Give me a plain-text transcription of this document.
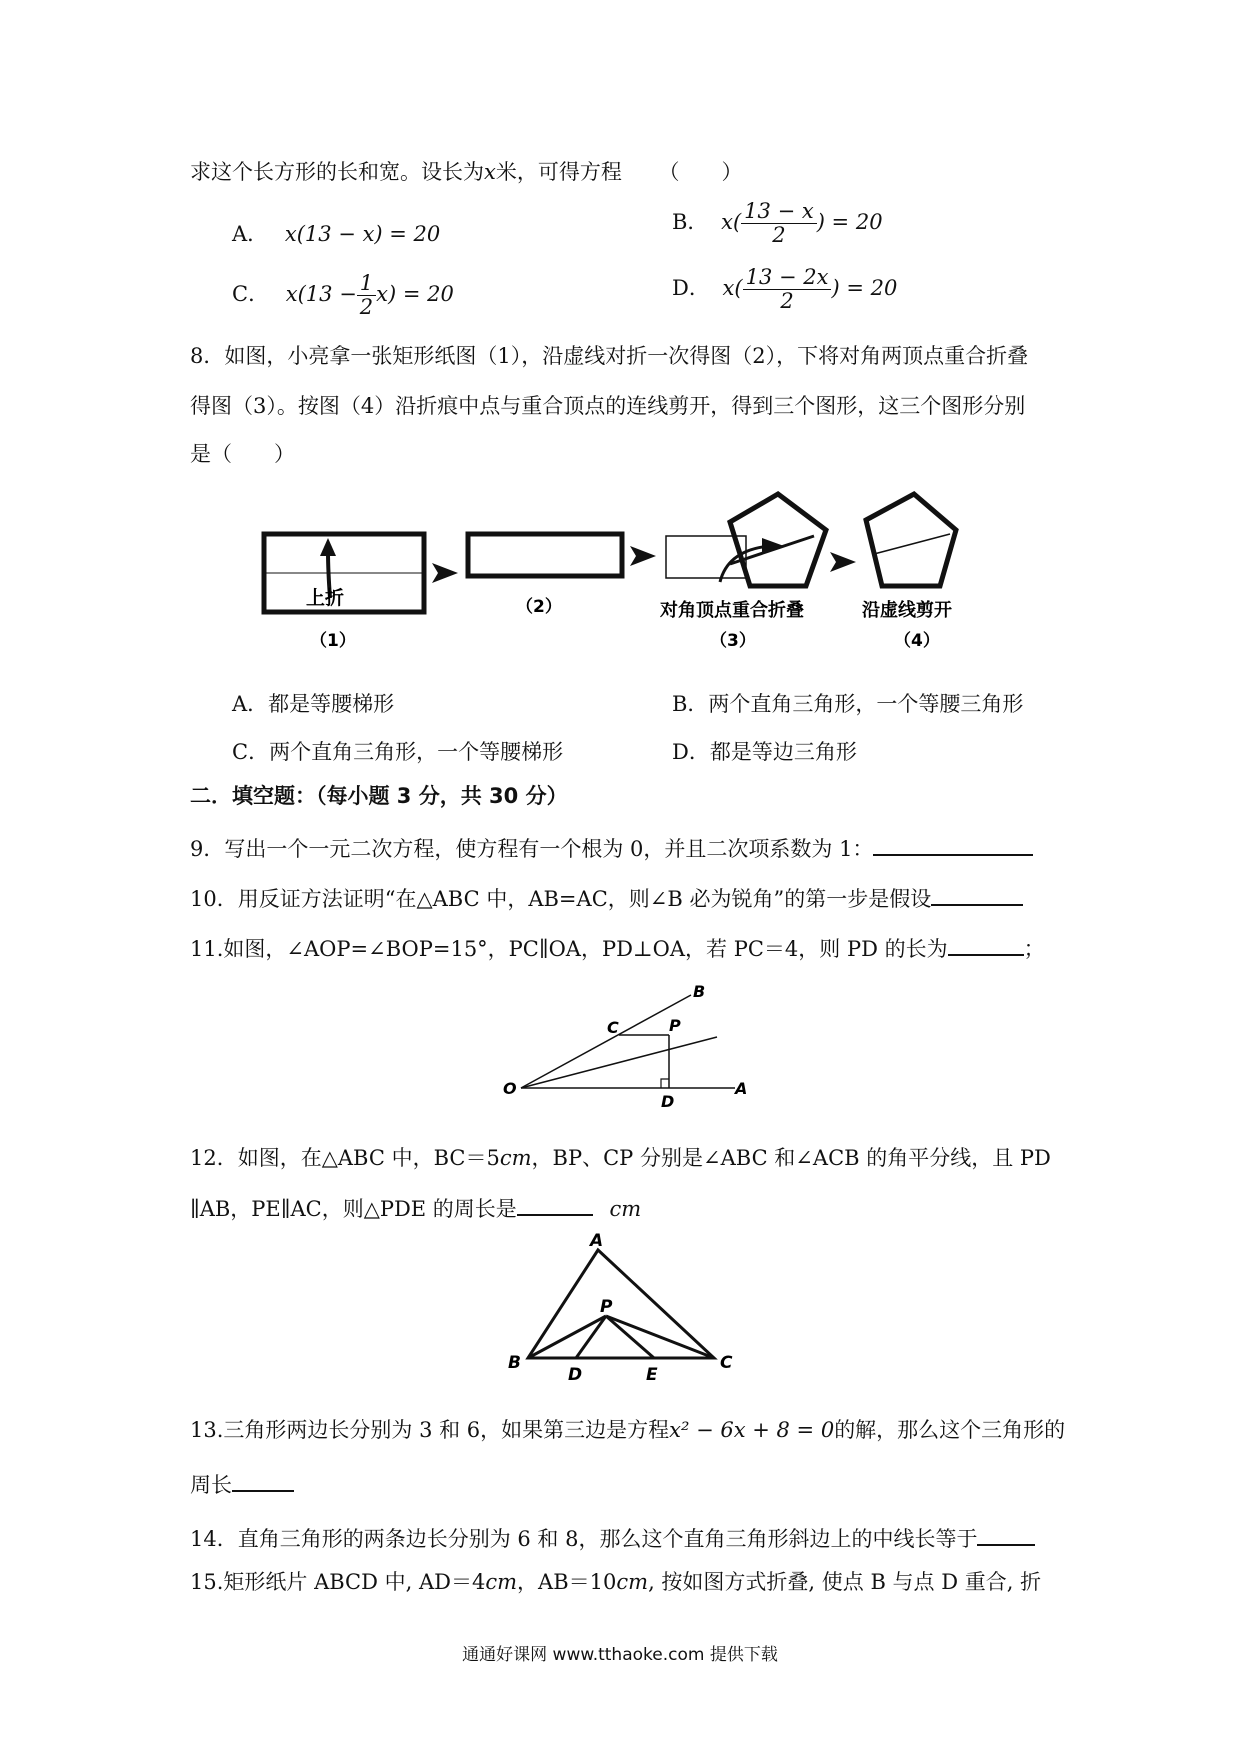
求这个长方形的长和宽。设长为x米，可得方程 （　　）
A． x(13 − x) = 20	B． $x( \frac{13 - x}{2}$ ) = 20
C． $x(13 - \frac{1}{2} x) = 20$	D． $x( \frac{13 - 2x}{2}$ ) = 20
8．如图，小亮拿一张矩形纸图（1），沿虚线对折一次得图（2），下将对角两顶点重合折叠
得图（3）。按图（4）沿折痕中点与重合顶点的连线剪开，得到三个图形，这三个图形分别
是（　　）
上折
（1）
（2）	对角顶点重合折叠
（3）
沿虚线剪开
（4）
A．都是等腰梯形	B．两个直角三角形，一个等腰三角形
C．两个直角三角形，一个等腰梯形	D．都是等边三角形
二．填空题：（每小题 3 分，共 30 分）
9．写出一个一元二次方程，使方程有一个根为 0，并且二次项系数为 1：
10．用反证方法证明“在△ABC 中，AB=AC，则∠B 必为锐角”的第一步是假设
11.如图，∠AOP=∠BOP=15°，PC∥OA，PD⊥OA，若 PC＝4，则 PD 的长为	；
O	A
B
C	P
D
12．如图，在△ABC 中，BC＝5cm，BP、CP 分别是∠ABC 和∠ACB 的角平分线，且 PD
∥AB，PE∥AC，则△PDE 的周长是	cm
A
B	C
P
D	E
13.三角形两边长分别为 3 和 6，如果第三边是方程x² − 6x + 8 = 0的解，那么这个三角形的
周长
14．直角三角形的两条边长分别为 6 和 8，那么这个直角三角形斜边上的中线长等于
15.矩形纸片 ABCD 中, AD＝4cm，AB＝10cm, 按如图方式折叠, 使点 B 与点 D 重合, 折
通通好课网 www.tthaoke.com 提供下载
